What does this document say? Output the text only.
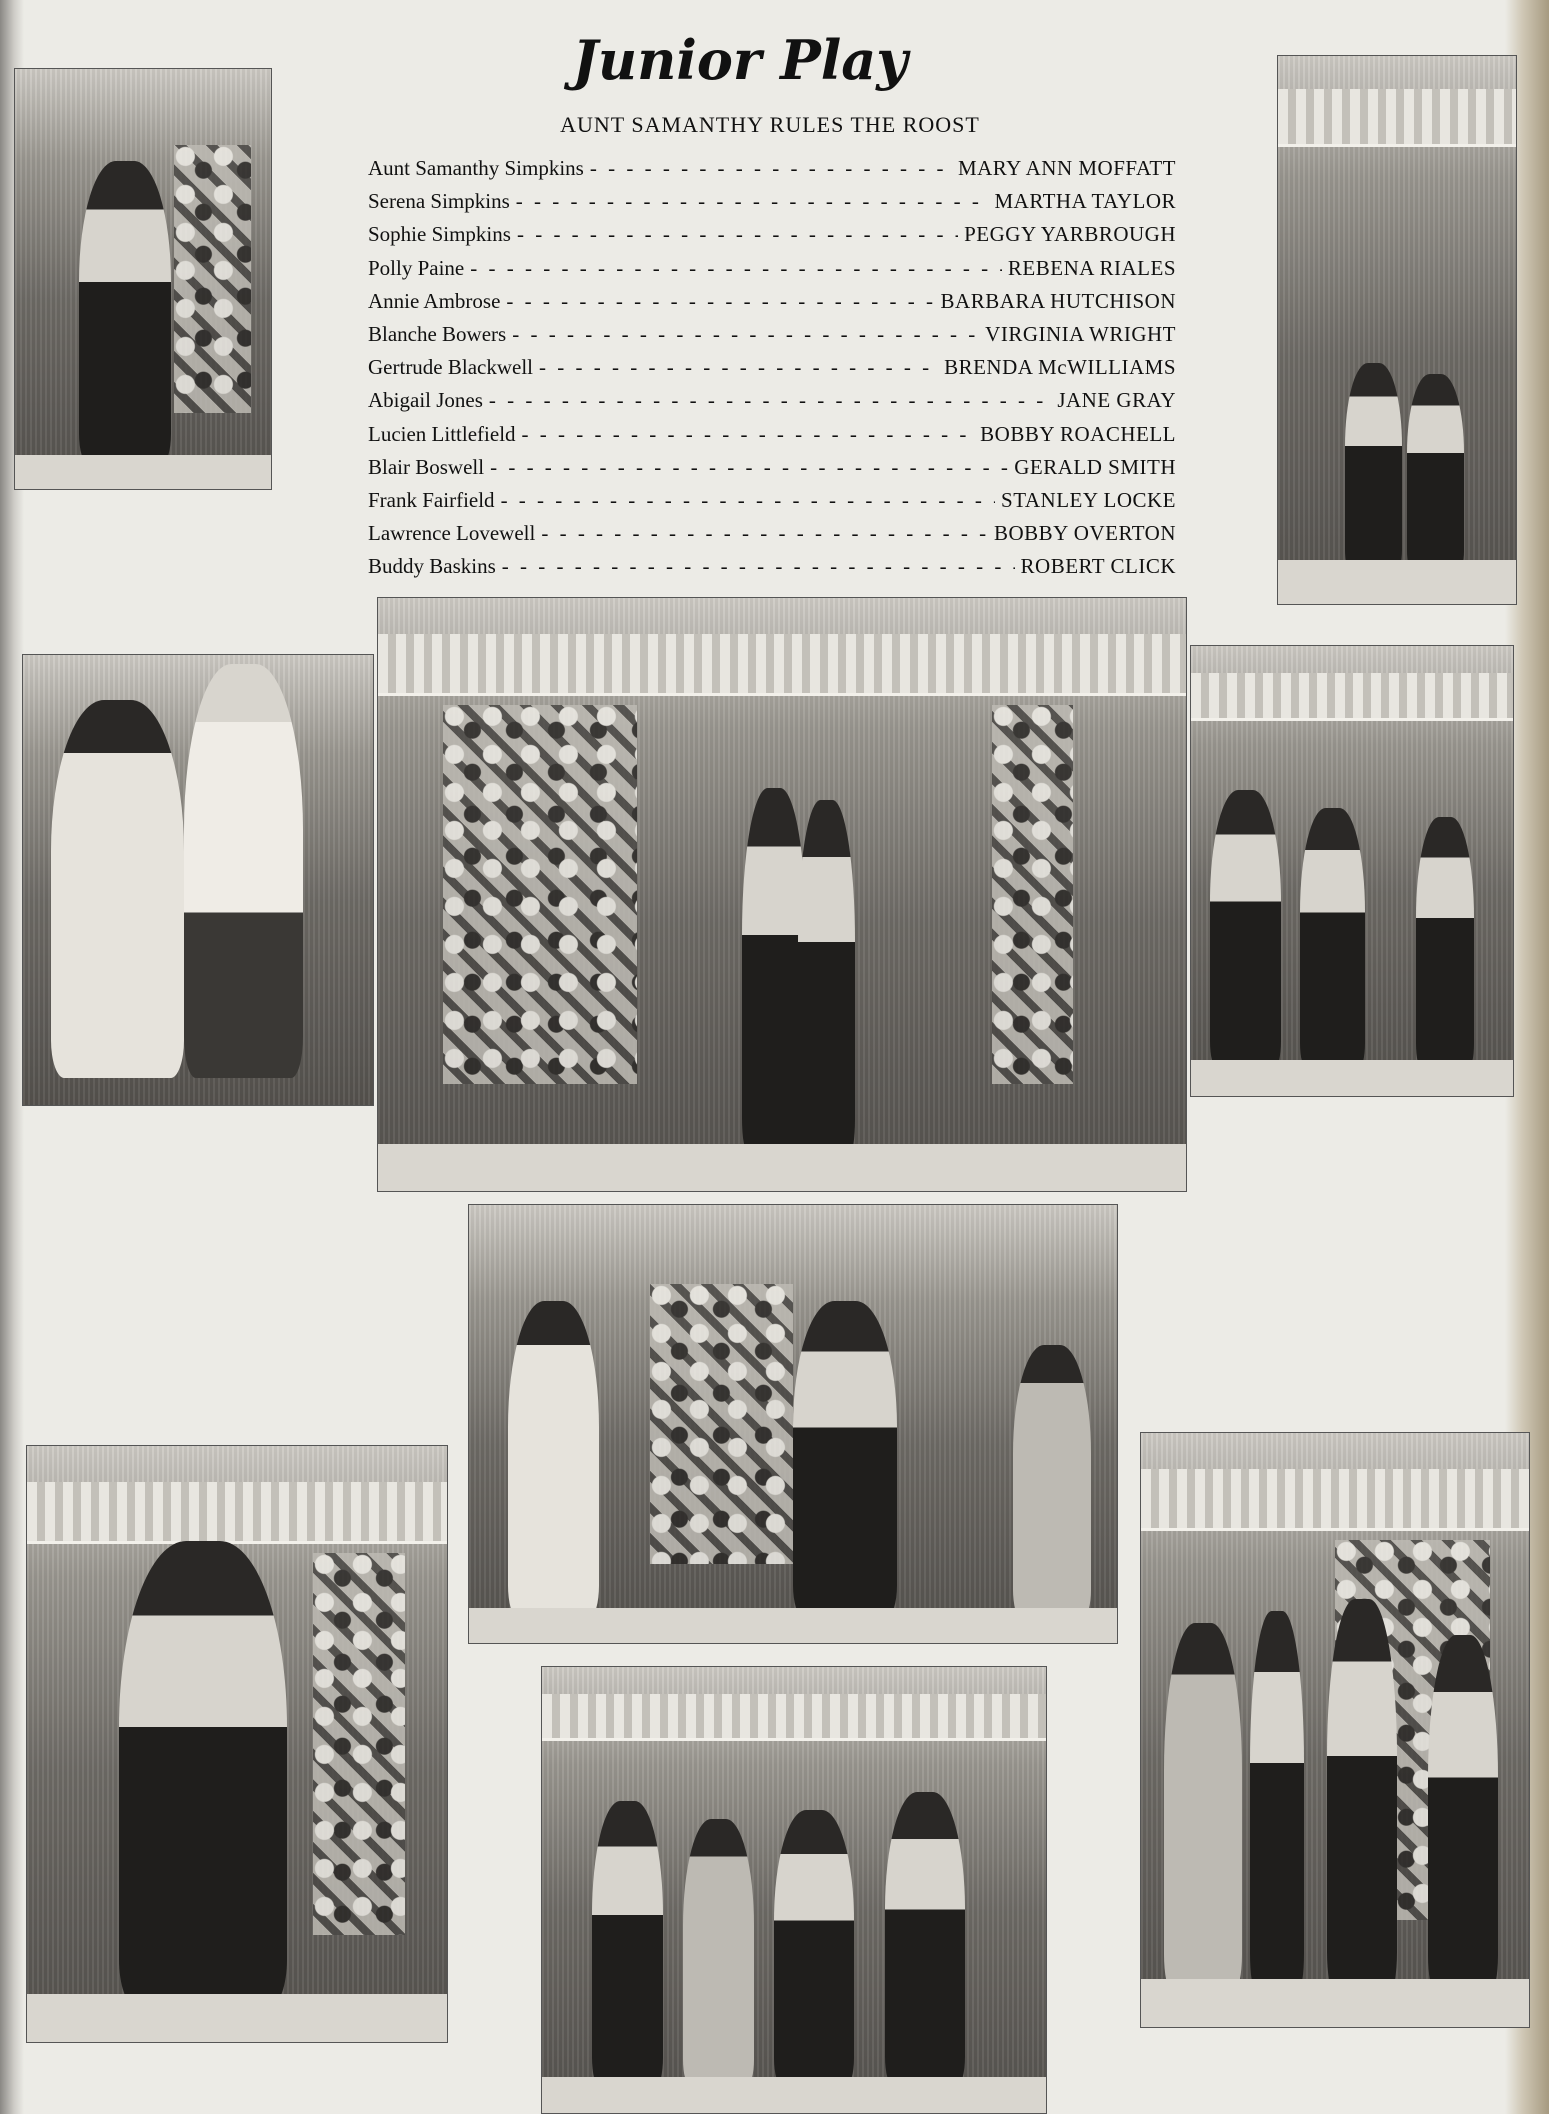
Junior Play
AUNT SAMANTHY RULES THE ROOST
Aunt Samanthy Simpkins - - -	MARY ANN MOFFATT
Serena Simpkins - - -	MARTHA TAYLOR
Sophie Simpkins - - -	PEGGY YARBROUGH
Polly Paine - - -	REBENA RIALES
Annie Ambrose - - -	BARBARA HUTCHISON
Blanche Bowers - - -	VIRGINIA WRIGHT
Gertrude Blackwell - - -	BRENDA McWILLIAMS
Abigail Jones - - -	JANE GRAY
Lucien Littlefield - - -	BOBBY ROACHELL
Blair Boswell - - -	GERALD SMITH
Frank Fairfield - - -	STANLEY LOCKE
Lawrence Lovewell - - -	BOBBY OVERTON
Buddy Baskins - - -	ROBERT CLICK
